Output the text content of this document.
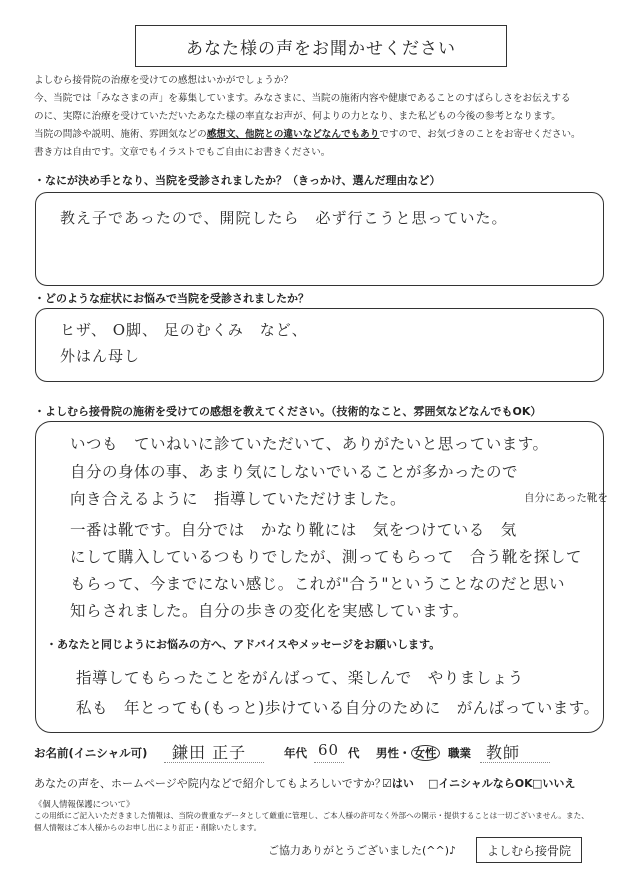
あなた様の声をお聞かせください
よしむら接骨院の治療を受けての感想はいかがでしょうか？
今、当院では「みなさまの声」を募集しています。みなさまに、当院の施術内容や健康であることのすばらしさをお伝えする
のに、実際に治療を受けていただいたあなた様の率直なお声が、何よりの力となり、また私どもの今後の参考となります。
当院の問診や説明、施術、雰囲気などの感想文、他院との違いなどなんでもありですので、お気づきのことをお寄せください。
書き方は自由です。文章でもイラストでもご自由にお書きください。
・なにが決め手となり、当院を受診されましたか？（きっかけ、選んだ理由など）
教え子であったので、開院したら　必ず行こうと思っていた。
・どのような症状にお悩みで当院を受診されましたか？
ヒザ、 O脚、 足のむくみ　など、
外はん母し
・よしむら接骨院の施術を受けての感想を教えてください。（技術的なこと、雰囲気などなんでもOK）
いつも　ていねいに診ていただいて、ありがたいと思っています。
自分の身体の事、あまり気にしないでいることが多かったので
向き合えるように　指導していただけました。	自分にあった靴を
一番は靴です。自分では　かなり靴には　気をつけている　気
にして購入しているつもりでしたが、測ってもらって　合う靴を探して
もらって、今までにない感じ。これが"合う"ということなのだと思い
知らされました。自分の歩きの変化を実感しています。
・あなたと同じようにお悩みの方へ、アドバイスやメッセージをお願いします。
指導してもらったことをがんばって、楽しんで　やりましょう
私も　年とっても(もっと)歩けている自分のために　がんばっています。
お名前(イニシャル可) 鎌田 正子	年代 60 代 男性・ 女性 職業 教師
あなたの声を、ホームページや院内などで紹介してもよろしいですか？
☑はい □イニシャルならOK □いいえ
《個人情報保護について》
この用紙にご記入いただきました情報は、当院の貴重なデータとして厳重に管理し、ご本人様の許可なく外部への開示・提供することは一切ございません。また、
個人情報はご本人様からのお申し出により訂正・削除いたします。
ご協力ありがとうございました(^^)♪	よしむら接骨院
